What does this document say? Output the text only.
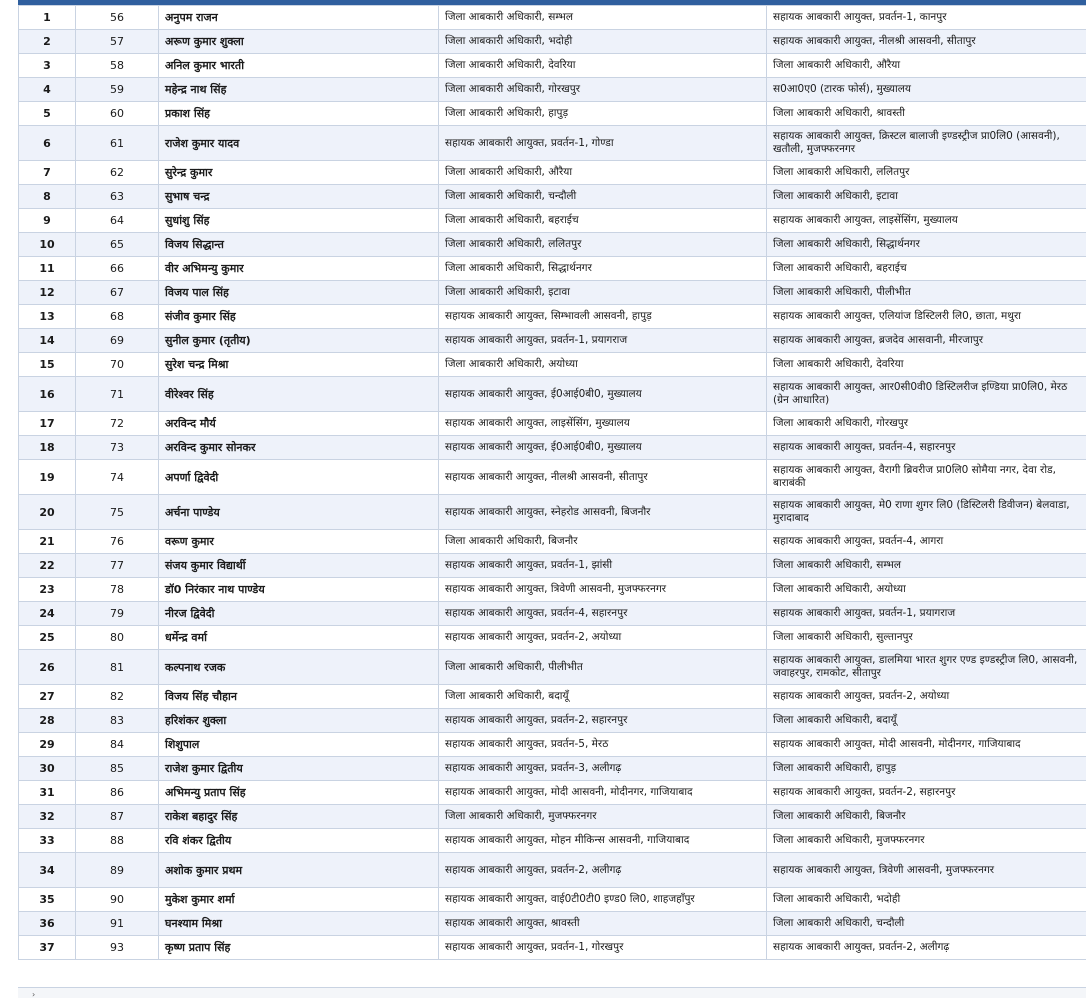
1	56	अनुपम राजन	जिला आबकारी अधिकारी, सम्भल	सहायक आबकारी आयुक्त, प्रवर्तन-1, कानपुर
2	57	अरूण कुमार शुक्ला	जिला आबकारी अधिकारी, भदोही	सहायक आबकारी आयुक्त, नीलश्री आसवनी, सीतापुर
3	58	अनिल कुमार भारती	जिला आबकारी अधिकारी, देवरिया	जिला आबकारी अधिकारी, औरैया
4	59	महेन्द्र नाथ सिंह	जिला आबकारी अधिकारी, गोरखपुर	स0आ0ए0 (टारक फोर्स), मुख्यालय
5	60	प्रकाश सिंह	जिला आबकारी अधिकारी, हापुड़	जिला आबकारी अधिकारी, श्रावस्ती
6	61	राजेश कुमार यादव	सहायक आबकारी आयुक्त, प्रवर्तन-1, गोण्डा	सहायक आबकारी आयुक्त, क्रिस्टल बालाजी इण्डस्ट्रीज प्रा0लि0 (आसवनी), खतौली, मुजफ्फरनगर
7	62	सुरेन्द्र कुमार	जिला आबकारी अधिकारी, औरैया	जिला आबकारी अधिकारी, ललितपुर
8	63	सुभाष चन्द्र	जिला आबकारी अधिकारी, चन्दौली	जिला आबकारी अधिकारी, इटावा
9	64	सुधांशु सिंह	जिला आबकारी अधिकारी, बहराईच	सहायक आबकारी आयुक्त, लाइसेंसिंग, मुख्यालय
10	65	विजय सिद्धान्त	जिला आबकारी अधिकारी, ललितपुर	जिला आबकारी अधिकारी, सिद्धार्थनगर
11	66	वीर अभिमन्यु कुमार	जिला आबकारी अधिकारी, सिद्धार्थनगर	जिला आबकारी अधिकारी, बहराईच
12	67	विजय पाल सिंह	जिला आबकारी अधिकारी, इटावा	जिला आबकारी अधिकारी, पीलीभीत
13	68	संजीव कुमार सिंह	सहायक आबकारी आयुक्त, सिम्भावली आसवनी, हापुड़	सहायक आबकारी आयुक्त, एलियांज डिस्टिलरी लि0, छाता, मथुरा
14	69	सुनील कुमार (तृतीय)	सहायक आबकारी आयुक्त, प्रवर्तन-1, प्रयागराज	सहायक आबकारी आयुक्त, ब्रजदेव आसवानी, मीरजापुर
15	70	सुरेश चन्द्र मिश्रा	जिला आबकारी अधिकारी, अयोध्या	जिला आबकारी अधिकारी, देवरिया
16	71	वीरेश्वर सिंह	सहायक आबकारी आयुक्त, ई0आई0बी0, मुख्यालय	सहायक आबकारी आयुक्त, आर0सी0वी0 डिस्टिलरीज इण्डिया प्रा0लि0, मेरठ (ग्रेन आधारित)
17	72	अरविन्द मौर्य	सहायक आबकारी आयुक्त, लाइसेंसिंग, मुख्यालय	जिला आबकारी अधिकारी, गोरखपुर
18	73	अरविन्द कुमार सोनकर	सहायक आबकारी आयुक्त, ई0आई0बी0, मुख्यालय	सहायक आबकारी आयुक्त, प्रवर्तन-4, सहारनपुर
19	74	अपर्णा द्विवेदी	सहायक आबकारी आयुक्त, नीलश्री आसवनी, सीतापुर	सहायक आबकारी आयुक्त, वैरागी ब्रिवरीज प्रा0लि0 सोमैया नगर, देवा रोड, बाराबंकी
20	75	अर्चना पाण्डेय	सहायक आबकारी आयुक्त, स्नेहरोड आसवनी, बिजनौर	सहायक आबकारी आयुक्त, मे0 राणा शुगर लि0 (डिस्टिलरी डिवीजन) बेलवाडा, मुरादाबाद
21	76	वरूण कुमार	जिला आबकारी अधिकारी, बिजनौर	सहायक आबकारी आयुक्त, प्रवर्तन-4, आगरा
22	77	संजय कुमार विद्यार्थी	सहायक आबकारी आयुक्त, प्रवर्तन-1, झांसी	जिला आबकारी अधिकारी, सम्भल
23	78	डॉ0 निरंकार नाथ पाण्डेय	सहायक आबकारी आयुक्त, त्रिवेणी आसवनी, मुजफ्फरनगर	जिला आबकारी अधिकारी, अयोध्या
24	79	नीरज द्विवेदी	सहायक आबकारी आयुक्त, प्रवर्तन-4, सहारनपुर	सहायक आबकारी आयुक्त, प्रवर्तन-1, प्रयागराज
25	80	धर्मेन्द्र वर्मा	सहायक आबकारी आयुक्त, प्रवर्तन-2, अयोध्या	जिला आबकारी अधिकारी, सुल्तानपुर
26	81	कल्पनाथ रजक	जिला आबकारी अधिकारी, पीलीभीत	सहायक आबकारी आयुक्त, डालमिया भारत शुगर एण्ड इण्डस्ट्रीज लि0, आसवनी, जवाहरपुर, रामकोट, सीतापुर
27	82	विजय सिंह चौहान	जिला आबकारी अधिकारी, बदायूँ	सहायक आबकारी आयुक्त, प्रवर्तन-2, अयोध्या
28	83	हरिशंकर शुक्ला	सहायक आबकारी आयुक्त, प्रवर्तन-2, सहारनपुर	जिला आबकारी अधिकारी, बदायूँ
29	84	शिशुपाल	सहायक आबकारी आयुक्त, प्रवर्तन-5, मेरठ	सहायक आबकारी आयुक्त, मोदी आसवनी, मोदीनगर, गाजियाबाद
30	85	राजेश कुमार द्वितीय	सहायक आबकारी आयुक्त, प्रवर्तन-3, अलीगढ़	जिला आबकारी अधिकारी, हापुड़
31	86	अभिमन्यु प्रताप सिंह	सहायक आबकारी आयुक्त, मोदी आसवनी, मोदीनगर, गाजियाबाद	सहायक आबकारी आयुक्त, प्रवर्तन-2, सहारनपुर
32	87	राकेश बहादुर सिंह	जिला आबकारी अधिकारी, मुजफ्फरनगर	जिला आबकारी अधिकारी, बिजनौर
33	88	रवि शंकर द्वितीय	सहायक आबकारी आयुक्त, मोहन मीकिन्स आसवनी, गाजियाबाद	जिला आबकारी अधिकारी, मुजफ्फरनगर
34	89	अशोक कुमार प्रथम	सहायक आबकारी आयुक्त, प्रवर्तन-2, अलीगढ़	सहायक आबकारी आयुक्त, त्रिवेणी आसवनी, मुजफ्फरनगर
35	90	मुकेश कुमार शर्मा	सहायक आबकारी आयुक्त, वाई0टी0टी0 इण्ड0 लि0, शाहजहाँपुर	जिला आबकारी अधिकारी, भदोही
36	91	घनश्याम मिश्रा	सहायक आबकारी आयुक्त, श्रावस्ती	जिला आबकारी अधिकारी, चन्दौली
37	93	कृष्ण प्रताप सिंह	सहायक आबकारी आयुक्त, प्रवर्तन-1, गोरखपुर	सहायक आबकारी आयुक्त, प्रवर्तन-2, अलीगढ़
›
